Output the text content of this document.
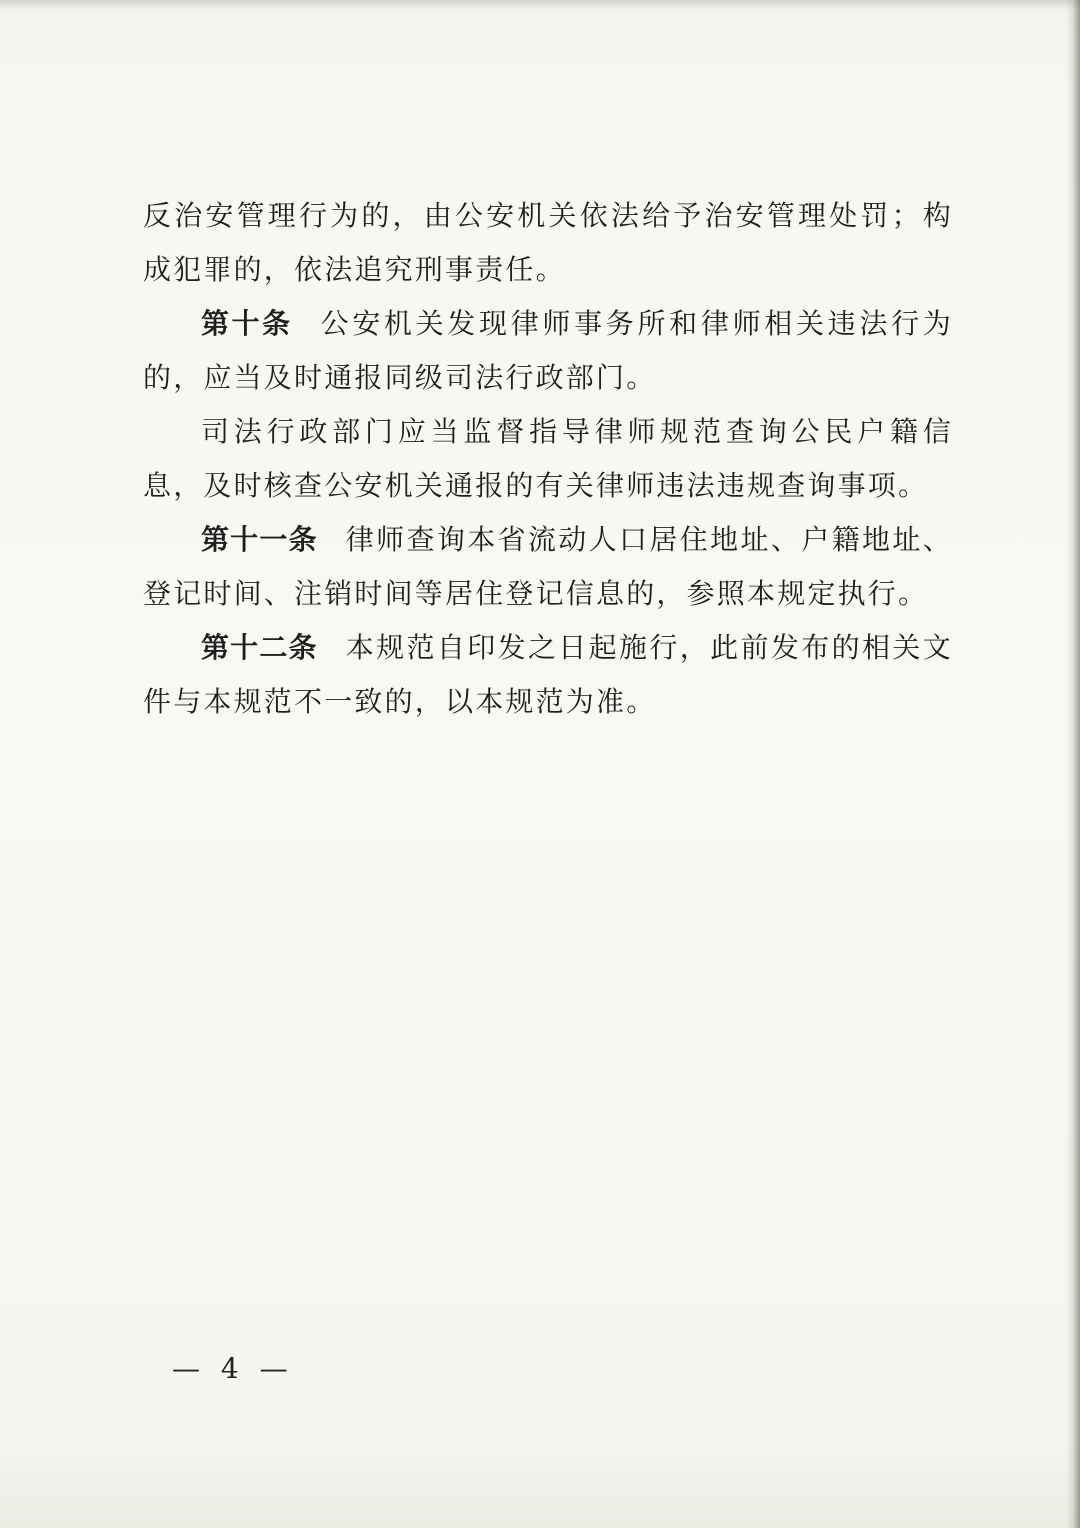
反治安管理行为的，由公安机关依法给予治安管理处罚；构成犯罪的，依法追究刑事责任。

第十条 公安机关发现律师事务所和律师相关违法行为的，应当及时通报同级司法行政部门。

司法行政部门应当监督指导律师规范查询公民户籍信息，及时核查公安机关通报的有关律师违法违规查询事项。

第十一条 律师查询本省流动人口居住地址、户籍地址、登记时间、注销时间等居住登记信息的，参照本规定执行。

第十二条 本规范自印发之日起施行，此前发布的相关文件与本规范不一致的，以本规范为准。

— 4 —
